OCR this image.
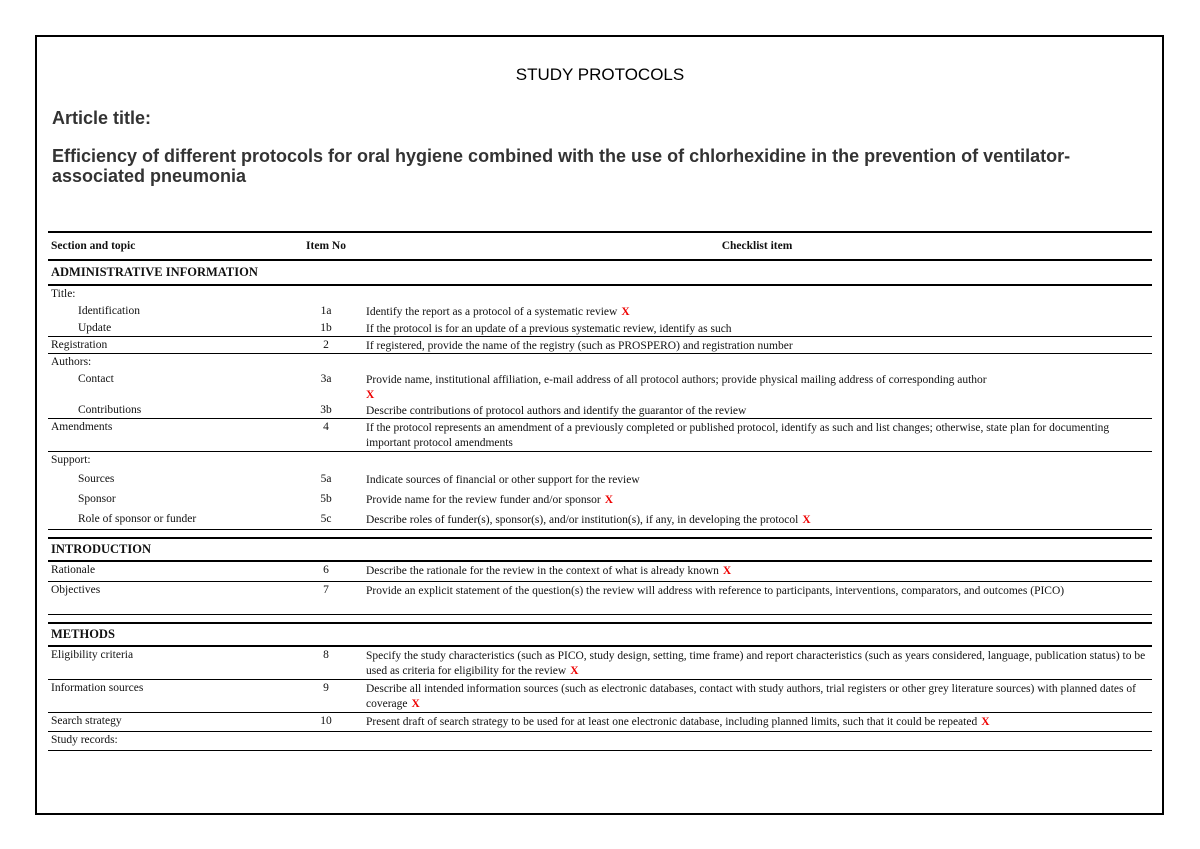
STUDY PROTOCOLS
Article title:
Efficiency of different protocols for oral hygiene combined with the use of chlorhexidine in the prevention of ventilator-associated pneumonia
Section and topic	Item No	Checklist item
ADMINISTRATIVE INFORMATION
Title:
Identification	1a	Identify the report as a protocol of a systematic review X
Update	1b	If the protocol is for an update of a previous systematic review, identify as such
Registration	2	If registered, provide the name of the registry (such as PROSPERO) and registration number
Authors:
Contact	3a	Provide name, institutional affiliation, e-mail address of all protocol authors; provide physical mailing address of corresponding author
X
Contributions	3b	Describe contributions of protocol authors and identify the guarantor of the review
Amendments	4	If the protocol represents an amendment of a previously completed or published protocol, identify as such and list changes; otherwise, state plan for documenting important protocol amendments
Support:
Sources	5a	Indicate sources of financial or other support for the review
Sponsor	5b	Provide name for the review funder and/or sponsor X
Role of sponsor or funder	5c	Describe roles of funder(s), sponsor(s), and/or institution(s), if any, in developing the protocol X
INTRODUCTION
Rationale	6	Describe the rationale for the review in the context of what is already known X
Objectives	7	Provide an explicit statement of the question(s) the review will address with reference to participants, interventions, comparators, and outcomes (PICO)
METHODS
Eligibility criteria	8	Specify the study characteristics (such as PICO, study design, setting, time frame) and report characteristics (such as years considered, language, publication status) to be used as criteria for eligibility for the review X
Information sources	9	Describe all intended information sources (such as electronic databases, contact with study authors, trial registers or other grey literature sources) with planned dates of coverage X
Search strategy	10	Present draft of search strategy to be used for at least one electronic database, including planned limits, such that it could be repeated X
Study records:
